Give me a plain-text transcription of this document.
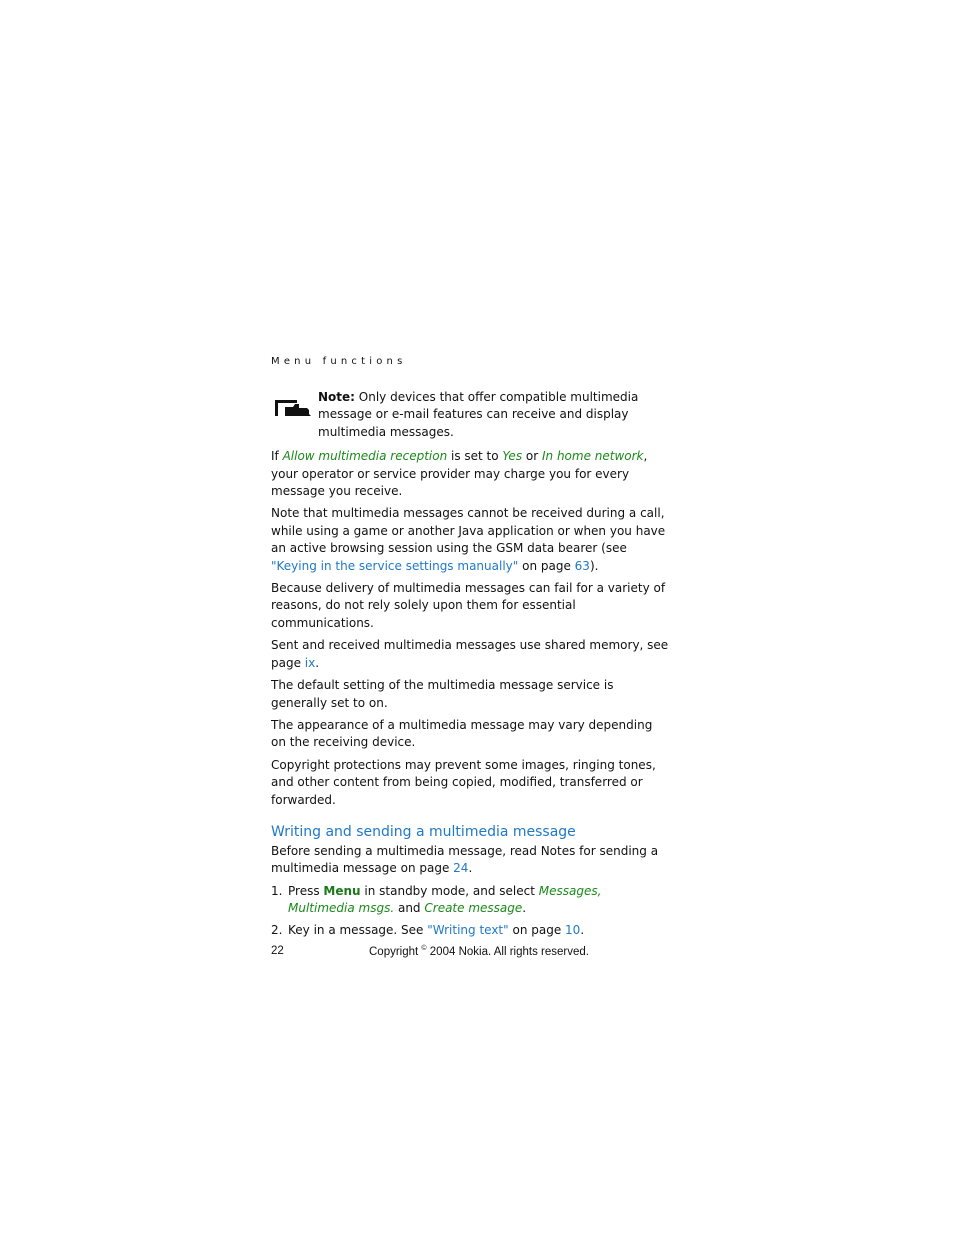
Menu functions

Note: Only devices that offer compatible multimedia message or e-mail features can receive and display multimedia messages.

If Allow multimedia reception is set to Yes or In home network, your operator or service provider may charge you for every message you receive.

Note that multimedia messages cannot be received during a call, while using a game or another Java application or when you have an active browsing session using the GSM data bearer (see "Keying in the service settings manually" on page 63).

Because delivery of multimedia messages can fail for a variety of reasons, do not rely solely upon them for essential communications.

Sent and received multimedia messages use shared memory, see page ix.

The default setting of the multimedia message service is generally set to on.

The appearance of a multimedia message may vary depending on the receiving device.

Copyright protections may prevent some images, ringing tones, and other content from being copied, modified, transferred or forwarded.

Writing and sending a multimedia message

Before sending a multimedia message, read Notes for sending a multimedia message on page 24.

1. Press Menu in standby mode, and select Messages, Multimedia msgs. and Create message.
2. Key in a message. See "Writing text" on page 10.
22	Copyright © 2004 Nokia. All rights reserved.
